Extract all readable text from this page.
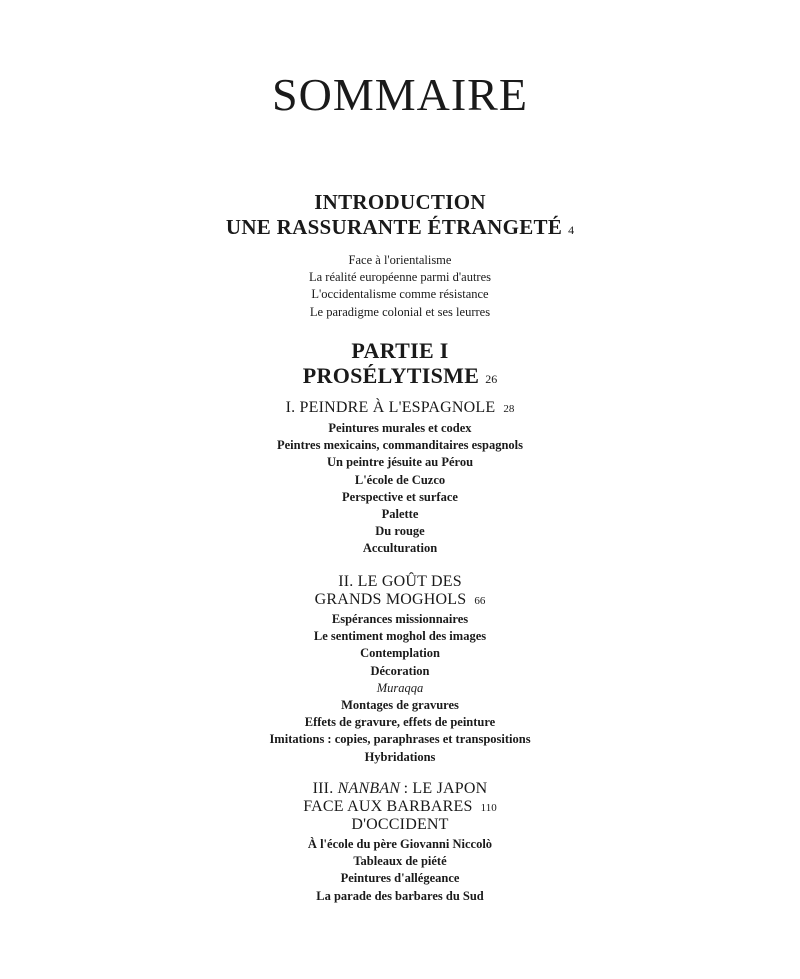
SOMMAIRE
INTRODUCTION
UNE RASSURANTE ÉTRANGETÉ 4
Face à l'orientalisme
La réalité européenne parmi d'autres
L'occidentalisme comme résistance
Le paradigme colonial et ses leurres
PARTIE I
PROSÉLYTISME 26
I. PEINDRE À L'ESPAGNOLE 28
Peintures murales et codex
Peintres mexicains, commanditaires espagnols
Un peintre jésuite au Pérou
L'école de Cuzco
Perspective et surface
Palette
Du rouge
Acculturation
II. LE GOÛT DES
GRANDS MOGHOLS 66
Espérances missionnaires
Le sentiment moghol des images
Contemplation
Décoration
Muraqqa
Montages de gravures
Effets de gravure, effets de peinture
Imitations : copies, paraphrases et transpositions
Hybridations
III. NANBAN  : LE JAPON
FACE AUX BARBARES 110
D'OCCIDENT
À l'école du père Giovanni Niccolò
Tableaux de piété
Peintures d'allégeance
La parade des barbares du Sud
